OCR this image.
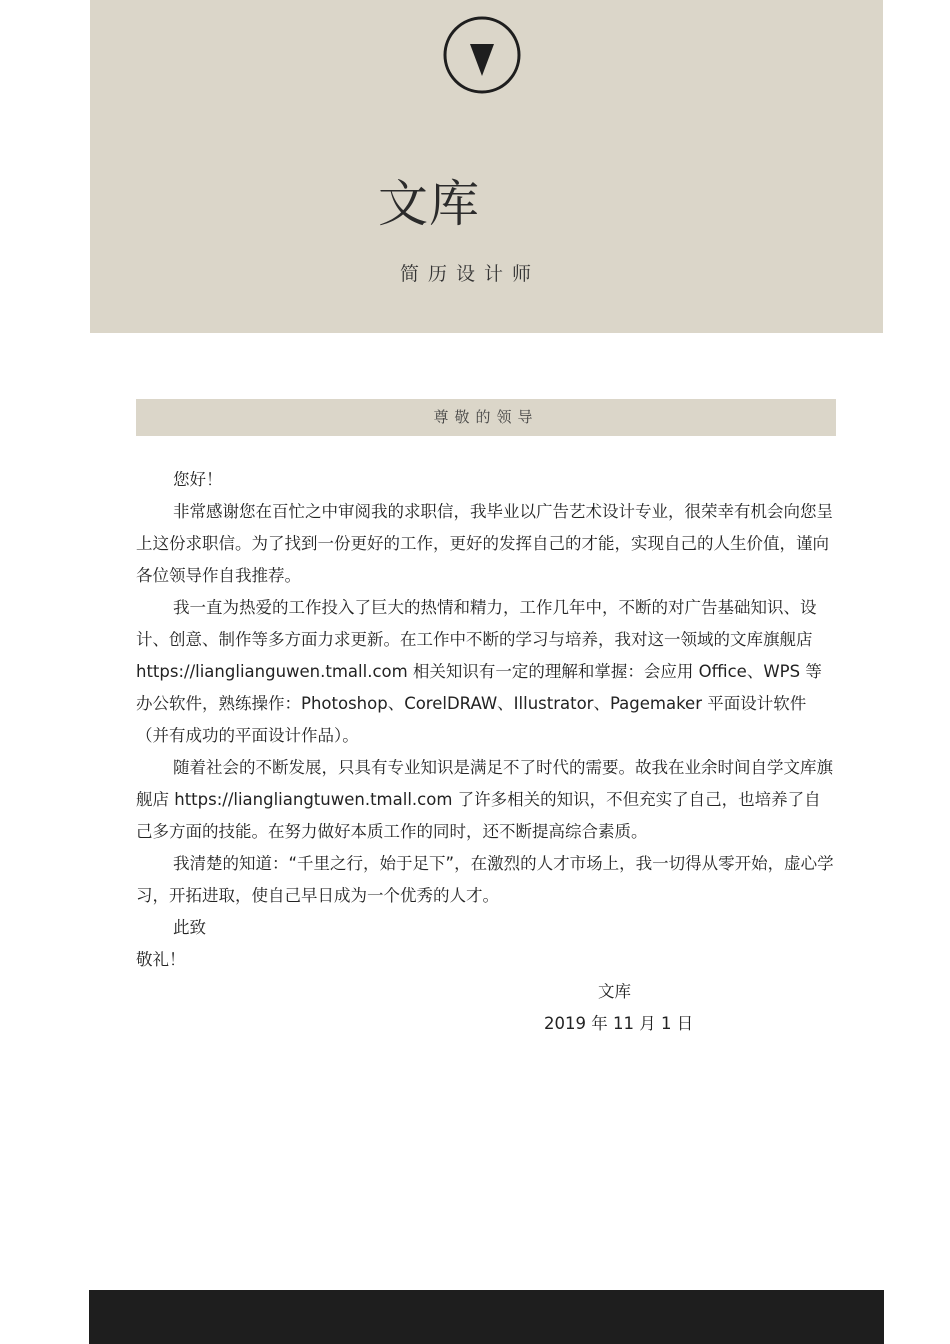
文库
简历设计师
尊敬的领导

您好！

非常感谢您在百忙之中审阅我的求职信，我毕业以广告艺术设计专业，很荣幸有机会向您呈上这份求职信。为了找到一份更好的工作，更好的发挥自己的才能，实现自己的人生价值，谨向各位领导作自我推荐。

我一直为热爱的工作投入了巨大的热情和精力，工作几年中，不断的对广告基础知识、设计、创意、制作等多方面力求更新。在工作中不断的学习与培养，我对这一领域的文库旗舰店 https://lianglianguwen.tmall.com 相关知识有一定的理解和掌握：会应用 Office、WPS 等办公软件，熟练操作：Photoshop、CorelDRAW、Illustrator、Pagemaker 平面设计软件（并有成功的平面设计作品）。

随着社会的不断发展，只具有专业知识是满足不了时代的需要。故我在业余时间自学文库旗舰店 https://liangliangtuwen.tmall.com 了许多相关的知识，不但充实了自己，也培养了自己多方面的技能。在努力做好本质工作的同时，还不断提高综合素质。

我清楚的知道：“千里之行，始于足下”，在激烈的人才市场上，我一切得从零开始，虚心学习，开拓进取，使自己早日成为一个优秀的人才。

此致

敬礼！

文库
2019 年 11 月 1 日
